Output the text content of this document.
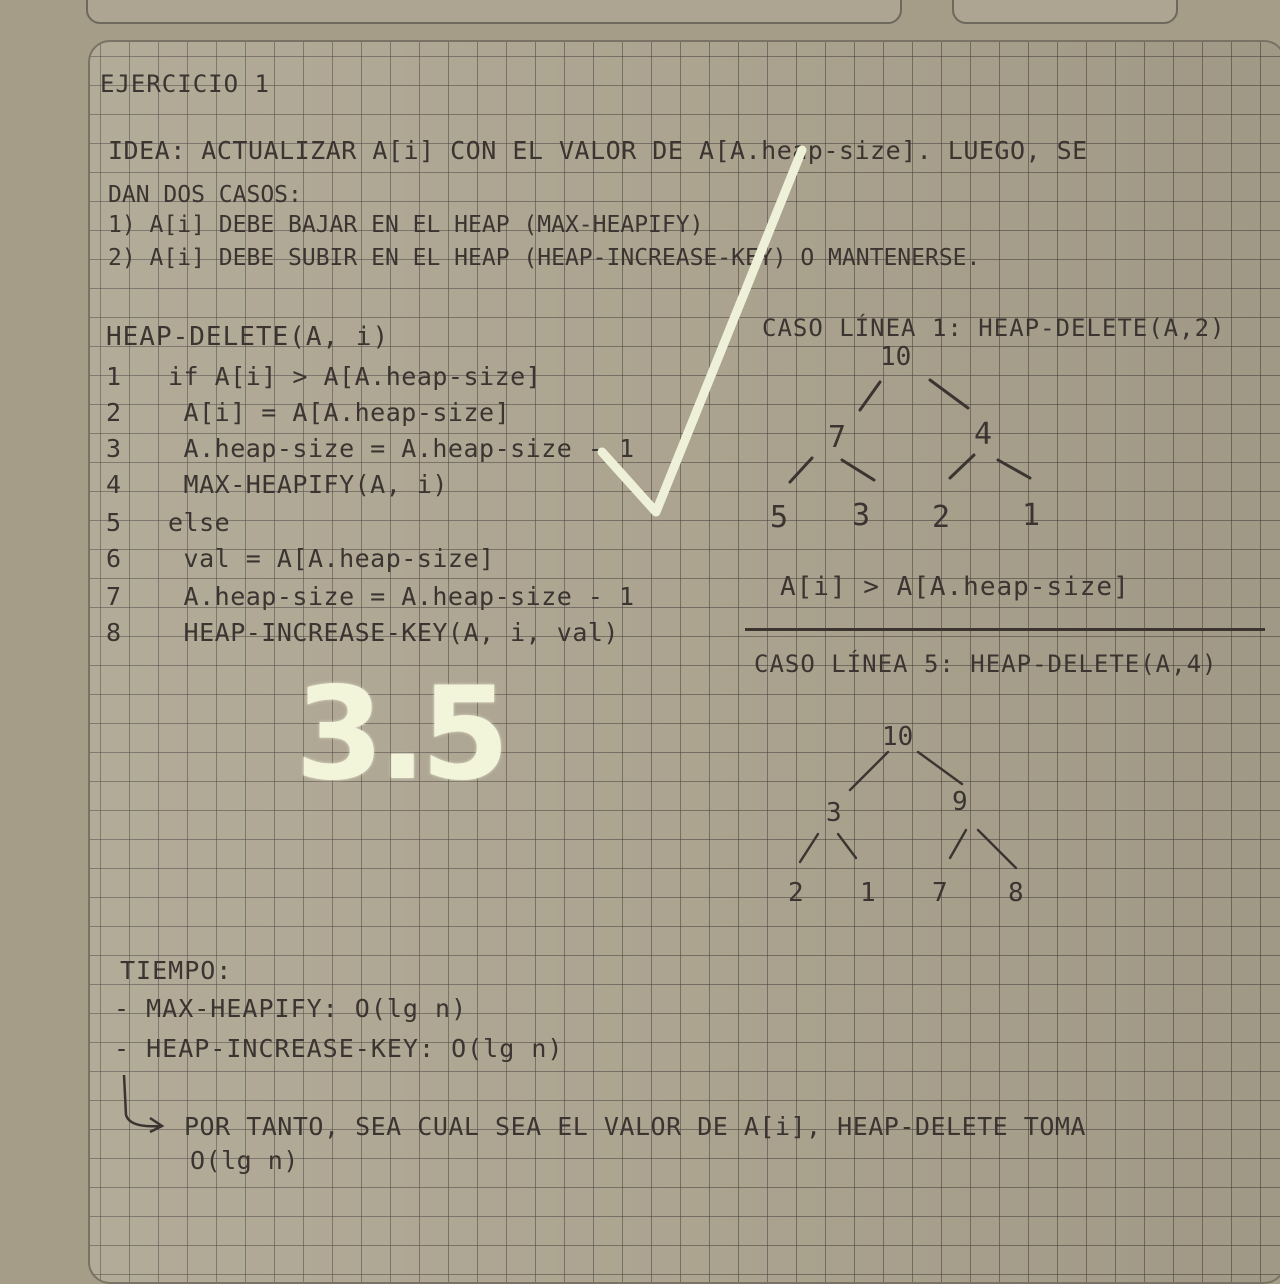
EJERCICIO 1
IDEA: ACTUALIZAR A[i] CON EL VALOR DE A[A.heap-size]. LUEGO, SE
DAN DOS CASOS:
1) A[i] DEBE BAJAR EN EL HEAP (MAX-HEAPIFY)
2) A[i] DEBE SUBIR EN EL HEAP (HEAP-INCREASE-KEY) O MANTENERSE.
HEAP-DELETE(A, i)
1 if A[i] > A[A.heap-size]
2 A[i] = A[A.heap-size]
3 A.heap-size = A.heap-size - 1
4 MAX-HEAPIFY(A, i)
5 else
6 val = A[A.heap-size]
7 A.heap-size = A.heap-size - 1
8 HEAP-INCREASE-KEY(A, i, val)
CASO LÍNEA 1: HEAP-DELETE(A,2)
10
7	4
5 3 2 1
A[i] > A[A.heap-size]
CASO LÍNEA 5: HEAP-DELETE(A,4)
10
3	9
2 1 7 8
TIEMPO:
- MAX-HEAPIFY: O(lg n)
- HEAP-INCREASE-KEY: O(lg n)
POR TANTO, SEA CUAL SEA EL VALOR DE A[i], HEAP-DELETE TOMA
O(lg n)
3.5
